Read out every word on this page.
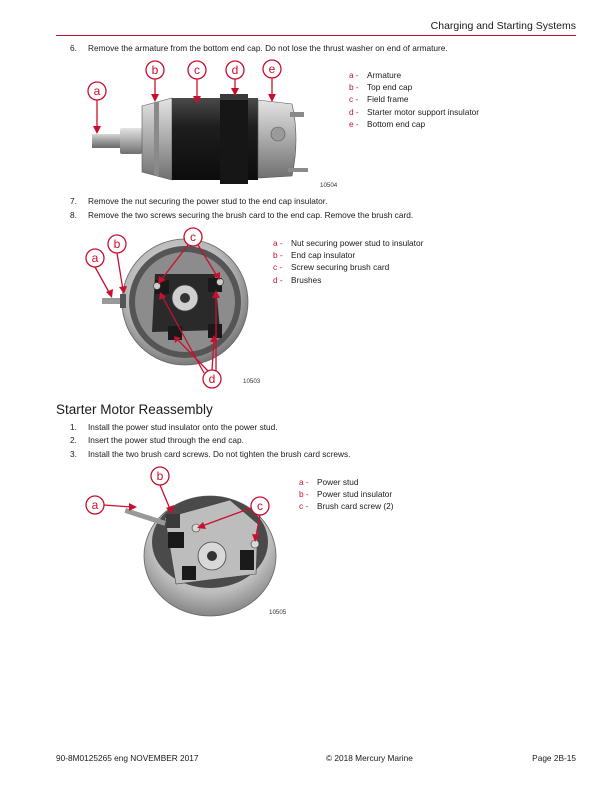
Charging and Starting Systems
6. Remove the armature from the bottom end cap. Do not lose the thrust washer on end of armature.
a
b	c	d	e
10504
a - Armature
b - Top end cap
c - Field frame
d - Starter motor support insulator
e - Bottom end cap
7. Remove the nut securing the power stud to the end cap insulator.
8. Remove the two screws securing the brush card to the end cap. Remove the brush card.
a
b	c
d	10503
a - Nut securing power stud to insulator
b - End cap insulator
c - Screw securing brush card
d - Brushes
Starter Motor Reassembly
1. Install the power stud insulator onto the power stud.
2. Insert the power stud through the end cap.
3. Install the two brush card screws. Do not tighten the brush card screws.
a
b
c
10505
a - Power stud
b - Power stud insulator
c - Brush card screw (2)
90-8M0125265 eng NOVEMBER 2017	© 2018 Mercury Marine	Page 2B-15
